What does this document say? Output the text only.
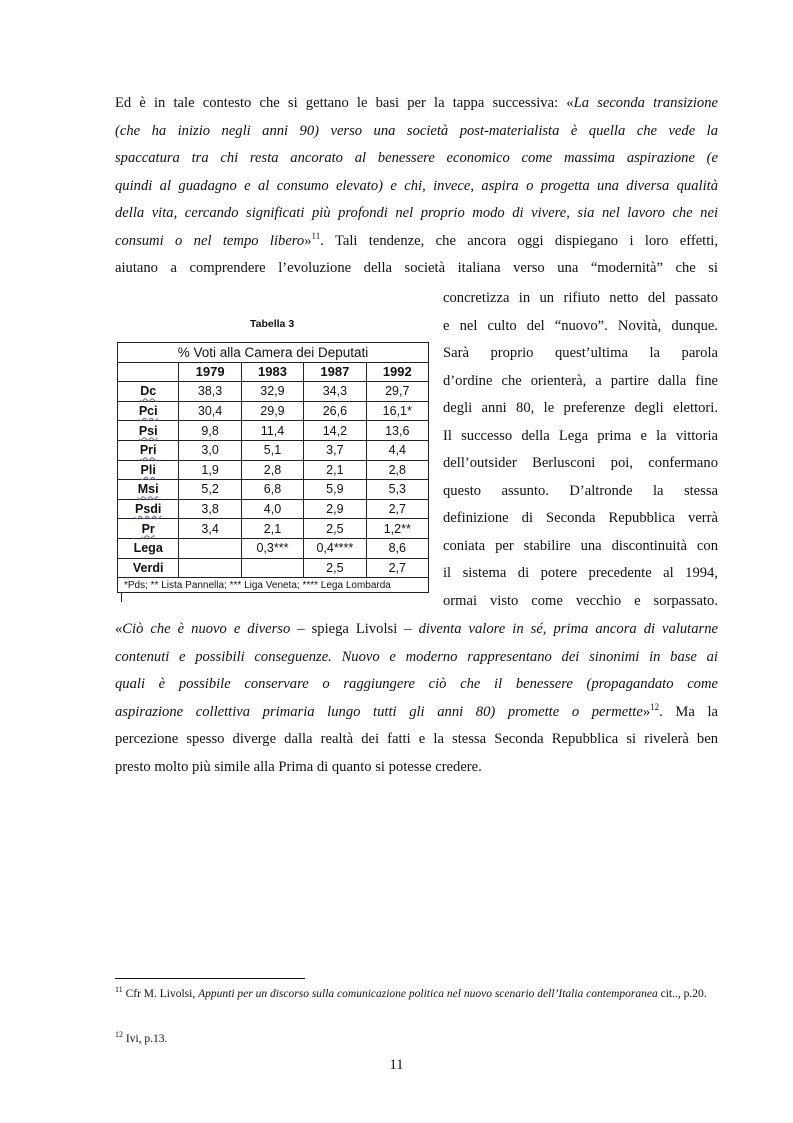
Ed è in tale contesto che si gettano le basi per la tappa successiva: «La seconda transizione
(che ha inizio negli anni 90) verso una società post-materialista è quella che vede la
spaccatura tra chi resta ancorato al benessere economico come massima aspirazione (e
quindi al guadagno e al consumo elevato) e chi, invece, aspira o progetta una diversa qualità
della vita, cercando significati più profondi nel proprio modo di vivere, sia nel lavoro che nei
consumi o nel tempo libero»$^{11}$. Tali tendenze, che ancora oggi dispiegano i loro effetti,
aiutano a comprendere l’evoluzione della società italiana verso una “modernità” che si
concretizza in un rifiuto netto del passato
e nel culto del “nuovo”. Novità, dunque.
Sarà proprio quest’ultima la parola
d’ordine che orienterà, a partire dalla fine
degli anni 80, le preferenze degli elettori.
Il successo della Lega prima e la vittoria
dell’outsider Berlusconi poi, confermano
questo assunto. D’altronde la stessa
definizione di Seconda Repubblica verrà
coniata per stabilire una discontinuità con
il sistema di potere precedente al 1994,
ormai visto come vecchio e sorpassato.
Tabella 3
% Voti alla Camera dei Deputati				
	1979	1983	1987	1992
Dc	38,3	32,9	34,3	29,7
Pci	30,4	29,9	26,6	16,1*
Psi	9,8	11,4	14,2	13,6
Pri	3,0	5,1	3,7	4,4
Pli	1,9	2,8	2,1	2,8
Msi	5,2	6,8	5,9	5,3
Psdi	3,8	4,0	2,9	2,7
Pr	3,4	2,1	2,5	1,2**
Lega		0,3***	0,4****	8,6
Verdi			2,5	2,7
*Pds; ** Lista Pannella; *** Liga Veneta; **** Lega Lombarda				
«Ciò che è nuovo e diverso – spiega Livolsi – diventa valore in sé, prima ancora di valutarne
contenuti e possibili conseguenze. Nuovo e moderno rappresentano dei sinonimi in base ai
quali è possibile conservare o raggiungere ciò che il benessere (propagandato come
aspirazione collettiva primaria lungo tutti gli anni 80) promette o permette»$^{12}$. Ma la
percezione spesso diverge dalla realtà dei fatti e la stessa Seconda Repubblica si rivelerà ben
presto molto più simile alla Prima di quanto si potesse credere.

$^{11}$ Cfr M. Livolsi, Appunti per un discorso sulla comunicazione politica nel nuovo scenario dell’Italia contemporanea cit.., p.20.

$^{12}$ Ivi, p.13.

11
